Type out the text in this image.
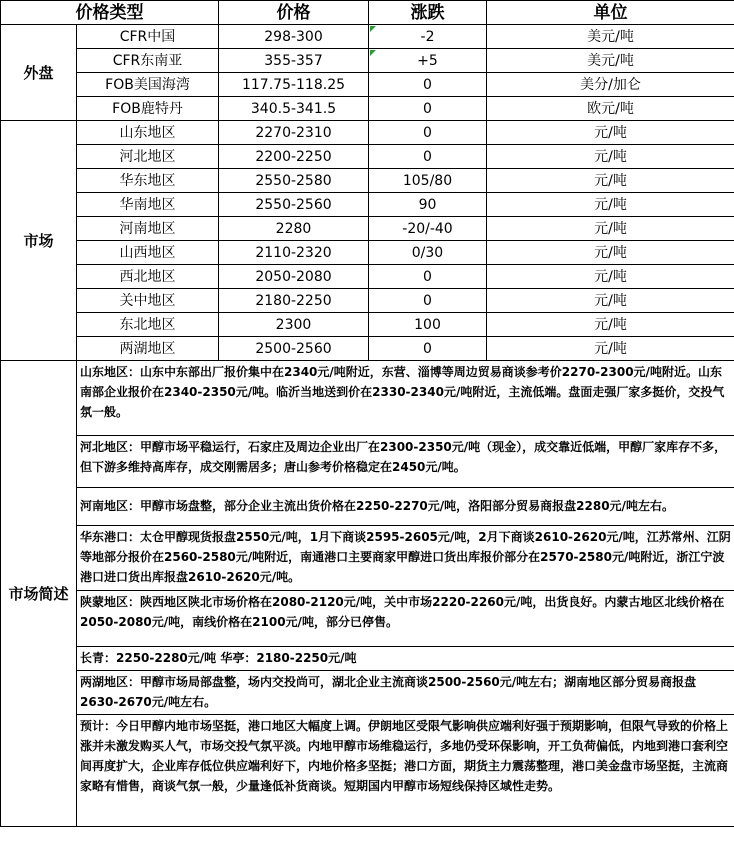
价格类型		价格	涨跌	单位
外盘	CFR中国	298-300	-2	美元/吨
	CFR东南亚	355-357	+5	美元/吨
	FOB美国海湾	117.75-118.25	0	美分/加仑
	FOB鹿特丹	340.5-341.5	0	欧元/吨
市场	山东地区	2270-2310	0	元/吨
	河北地区	2200-2250	0	元/吨
	华东地区	2550-2580	105/80	元/吨
	华南地区	2550-2560	90	元/吨
	河南地区	2280	-20/-40	元/吨
	山西地区	2110-2320	0/30	元/吨
	西北地区	2050-2080	0	元/吨
	关中地区	2180-2250	0	元/吨
	东北地区	2300	100	元/吨
	两湖地区	2500-2560	0	元/吨
市场简述	山东地区：山东中东部出厂报价集中在2340元/吨附近，东营、淄博等周边贸易商谈参考价2270-2300元/吨附近。山东南部企业报价在2340-2350元/吨。临沂当地送到价在2330-2340元/吨附近，主流低端。盘面走强厂家多挺价，交投气氛一般。			
	河北地区：甲醇市场平稳运行，石家庄及周边企业出厂在2300-2350元/吨（现金），成交靠近低端，甲醇厂家库存不多，但下游多维持高库存，成交刚需居多；唐山参考价格稳定在2450元/吨。			
	河南地区：甲醇市场盘整，部分企业主流出货价格在2250-2270元/吨，洛阳部分贸易商报盘2280元/吨左右。			
	华东港口：太仓甲醇现货报盘2550元/吨，1月下商谈2595-2605元/吨，2月下商谈2610-2620元/吨，江苏常州、江阴等地部分报价在2560-2580元/吨附近，南通港口主要商家甲醇进口货出库报价部分在2570-2580元/吨附近，浙江宁波港口进口货出库报盘2610-2620元/吨。			
	陕蒙地区：陕西地区陕北市场价格在2080-2120元/吨，关中市场2220-2260元/吨，出货良好。内蒙古地区北线价格在2050-2080元/吨，南线价格在2100元/吨，部分已停售。			
	长青：2250-2280元/吨 华亭：2180-2250元/吨			
	两湖地区：甲醇市场局部盘整，场内交投尚可，湖北企业主流商谈2500-2560元/吨左右；湖南地区部分贸易商报盘2630-2670元/吨左右。			
	预计：今日甲醇内地市场坚挺，港口地区大幅度上调。伊朗地区受限气影响供应端利好强于预期影响，但限气导致的价格上涨并未激发购买人气，市场交投气氛平淡。内地甲醇市场维稳运行，多地仍受环保影响，开工负荷偏低，内地到港口套利空间再度扩大，企业库存低位供应端利好下，内地价格多坚挺；港口方面，期货主力震荡整理，港口美金盘市场坚挺，主流商家略有惜售，商谈气氛一般，少量逢低补货商谈。短期国内甲醇市场短线保持区域性走势。			
